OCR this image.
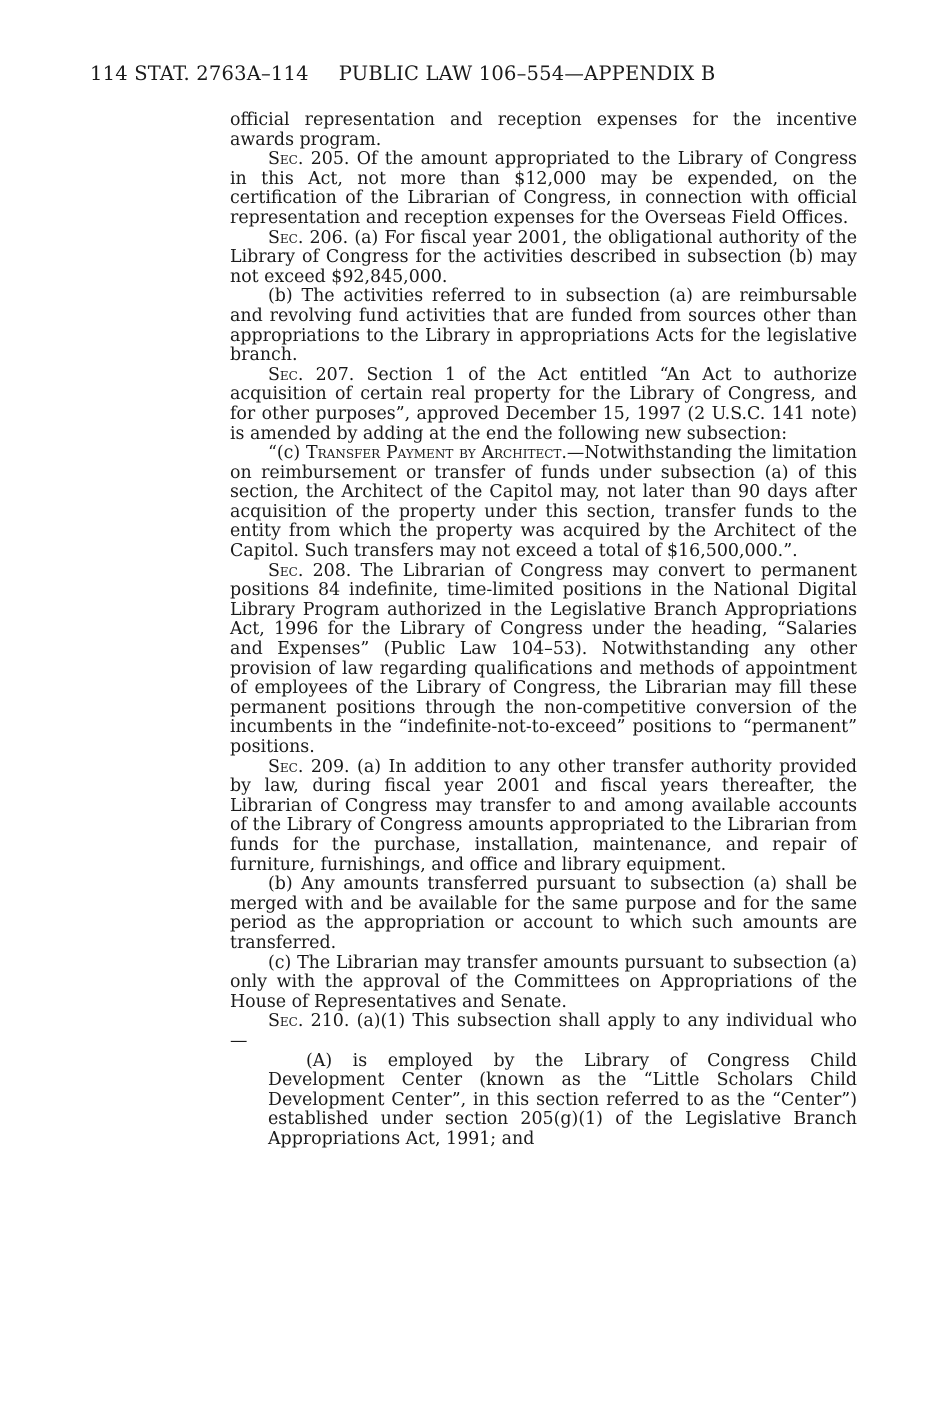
114 STAT. 2763A–114 PUBLIC LAW 106–554—APPENDIX B

official representation and reception expenses for the incentive awards program.

Sec. 205. Of the amount appropriated to the Library of Congress in this Act, not more than $12,000 may be expended, on the certification of the Librarian of Congress, in connection with official representation and reception expenses for the Overseas Field Offices.

Sec. 206. (a) For fiscal year 2001, the obligational authority of the Library of Congress for the activities described in subsection (b) may not exceed $92,845,000.

(b) The activities referred to in subsection (a) are reimbursable and revolving fund activities that are funded from sources other than appropriations to the Library in appropriations Acts for the legislative branch.

Sec. 207. Section 1 of the Act entitled “An Act to authorize acquisition of certain real property for the Library of Congress, and for other purposes”, approved December 15, 1997 (2 U.S.C. 141 note) is amended by adding at the end the following new subsection:

“(c) Transfer Payment by Architect.—Notwithstanding the limitation on reimbursement or transfer of funds under subsection (a) of this section, the Architect of the Capitol may, not later than 90 days after acquisition of the property under this section, transfer funds to the entity from which the property was acquired by the Architect of the Capitol. Such transfers may not exceed a total of $16,500,000.”.

Sec. 208. The Librarian of Congress may convert to permanent positions 84 indefinite, time-limited positions in the National Digital Library Program authorized in the Legislative Branch Appropriations Act, 1996 for the Library of Congress under the heading, “Salaries and Expenses” (Public Law 104–53). Notwithstanding any other provision of law regarding qualifications and methods of appointment of employees of the Library of Congress, the Librarian may fill these permanent positions through the non-competitive conversion of the incumbents in the “indefinite-not-to-exceed” positions to “permanent” positions.

Sec. 209. (a) In addition to any other transfer authority provided by law, during fiscal year 2001 and fiscal years thereafter, the Librarian of Congress may transfer to and among available accounts of the Library of Congress amounts appropriated to the Librarian from funds for the purchase, installation, maintenance, and repair of furniture, furnishings, and office and library equipment.

(b) Any amounts transferred pursuant to subsection (a) shall be merged with and be available for the same purpose and for the same period as the appropriation or account to which such amounts are transferred.

(c) The Librarian may transfer amounts pursuant to subsection (a) only with the approval of the Committees on Appropriations of the House of Representatives and Senate.

Sec. 210. (a)(1) This subsection shall apply to any individual who—

(A) is employed by the Library of Congress Child Development Center (known as the “Little Scholars Child Development Center”, in this section referred to as the “Center”) established under section 205(g)(1) of the Legislative Branch Appropriations Act, 1991; and
